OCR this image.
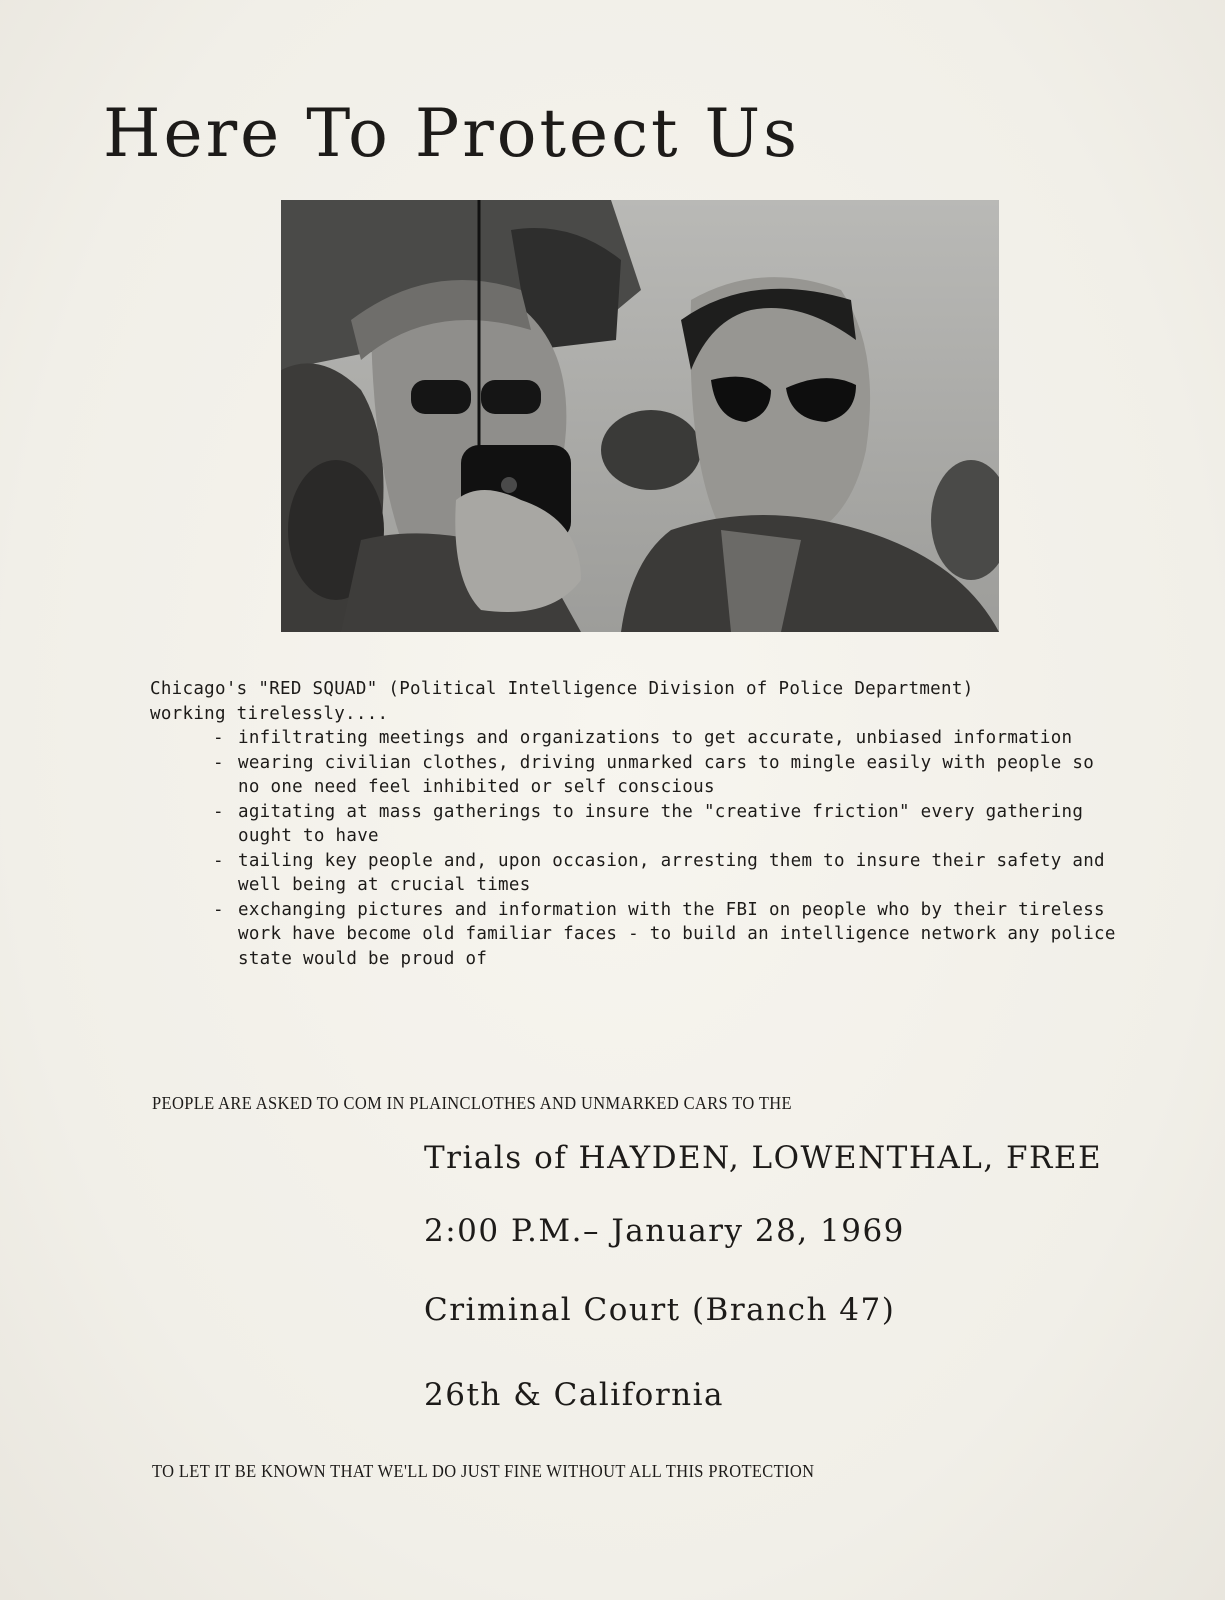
Here To Protect Us
Chicago's "RED SQUAD" (Political Intelligence Division of Police Department)
working tirelessly....
- infiltrating meetings and organizations to get accurate, unbiased information
- wearing civilian clothes, driving unmarked cars to mingle easily with people so no one need feel inhibited or self conscious
- agitating at mass gatherings to insure the "creative friction" every gathering ought to have
- tailing key people and, upon occasion, arresting them to insure their safety and well being at crucial times
- exchanging pictures and information with the FBI on people who by their tireless work have become old familiar faces - to build an intelligence network any police state would be proud of
PEOPLE ARE ASKED TO COM IN PLAINCLOTHES AND UNMARKED CARS TO THE
Trials of HAYDEN, LOWENTHAL, FREE
2:00 P.M.– January 28, 1969
Criminal Court (Branch 47)
26th & California
TO LET IT BE KNOWN THAT WE'LL DO JUST FINE WITHOUT ALL THIS PROTECTION
